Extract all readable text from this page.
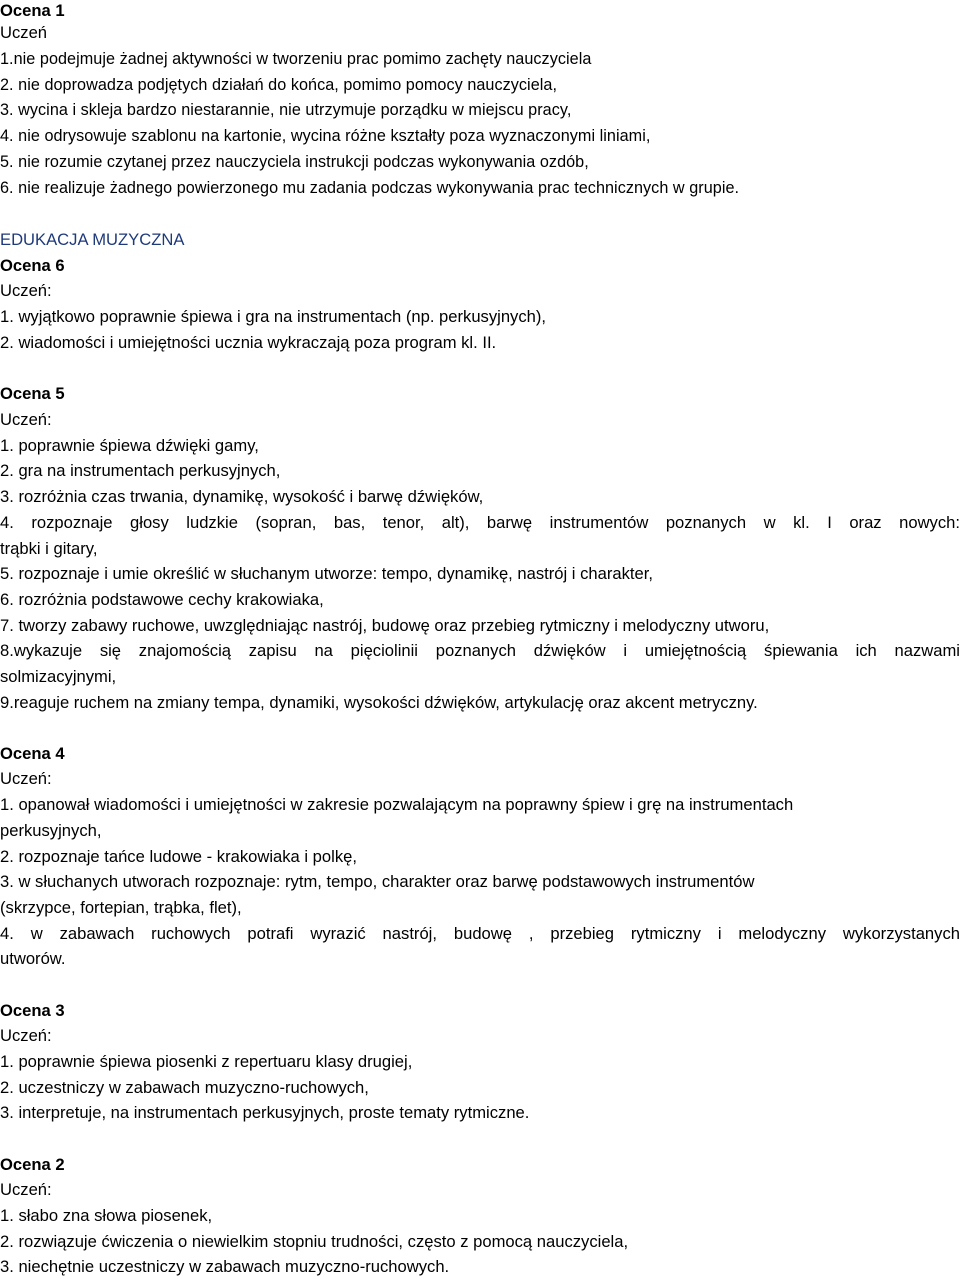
Ocena 1

Uczeń

1.nie podejmuje żadnej aktywności w tworzeniu prac pomimo zachęty nauczyciela

2. nie doprowadza podjętych działań do końca, pomimo pomocy nauczyciela,

3. wycina i skleja bardzo niestarannie, nie utrzymuje porządku w miejscu pracy,

4. nie odrysowuje szablonu na kartonie, wycina różne kształty poza wyznaczonymi liniami,

5. nie rozumie czytanej przez nauczyciela instrukcji podczas wykonywania ozdób,

6. nie realizuje żadnego powierzonego mu zadania podczas wykonywania prac technicznych w grupie.

EDUKACJA MUZYCZNA

Ocena 6

Uczeń:

1. wyjątkowo poprawnie śpiewa i gra na instrumentach (np. perkusyjnych),

2. wiadomości i umiejętności ucznia wykraczają poza program kl. II.

Ocena 5

Uczeń:

1. poprawnie śpiewa dźwięki gamy,

2. gra na instrumentach perkusyjnych,

3. rozróżnia czas trwania, dynamikę, wysokość i barwę dźwięków,

4. rozpoznaje głosy ludzkie (sopran, bas, tenor, alt), barwę instrumentów poznanych w kl. I oraz nowych:

trąbki i gitary,

5. rozpoznaje i umie określić w słuchanym utworze: tempo, dynamikę, nastrój i charakter,

6. rozróżnia podstawowe cechy krakowiaka,

7. tworzy zabawy ruchowe, uwzględniając nastrój, budowę oraz przebieg rytmiczny i melodyczny utworu,

8.wykazuje się znajomością zapisu na pięciolinii poznanych dźwięków i umiejętnością śpiewania ich nazwami

solmizacyjnymi,

9.reaguje ruchem na zmiany tempa, dynamiki, wysokości dźwięków, artykulację oraz akcent metryczny.

Ocena 4

Uczeń:

1. opanował wiadomości i umiejętności w zakresie pozwalającym na poprawny śpiew i grę na instrumentach

perkusyjnych,

2. rozpoznaje tańce ludowe - krakowiaka i polkę,

3. w słuchanych utworach rozpoznaje: rytm, tempo, charakter oraz barwę podstawowych instrumentów

(skrzypce, fortepian, trąbka, flet),

4. w zabawach ruchowych potrafi wyrazić nastrój, budowę , przebieg rytmiczny i melodyczny wykorzystanych

utworów.

Ocena 3

Uczeń:

1. poprawnie śpiewa piosenki z repertuaru klasy drugiej,

2. uczestniczy w zabawach muzyczno-ruchowych,

3. interpretuje, na instrumentach perkusyjnych, proste tematy rytmiczne.

Ocena 2

Uczeń:

1. słabo zna słowa piosenek,

2. rozwiązuje ćwiczenia o niewielkim stopniu trudności, często z pomocą nauczyciela,

3. niechętnie uczestniczy w zabawach muzyczno-ruchowych.
